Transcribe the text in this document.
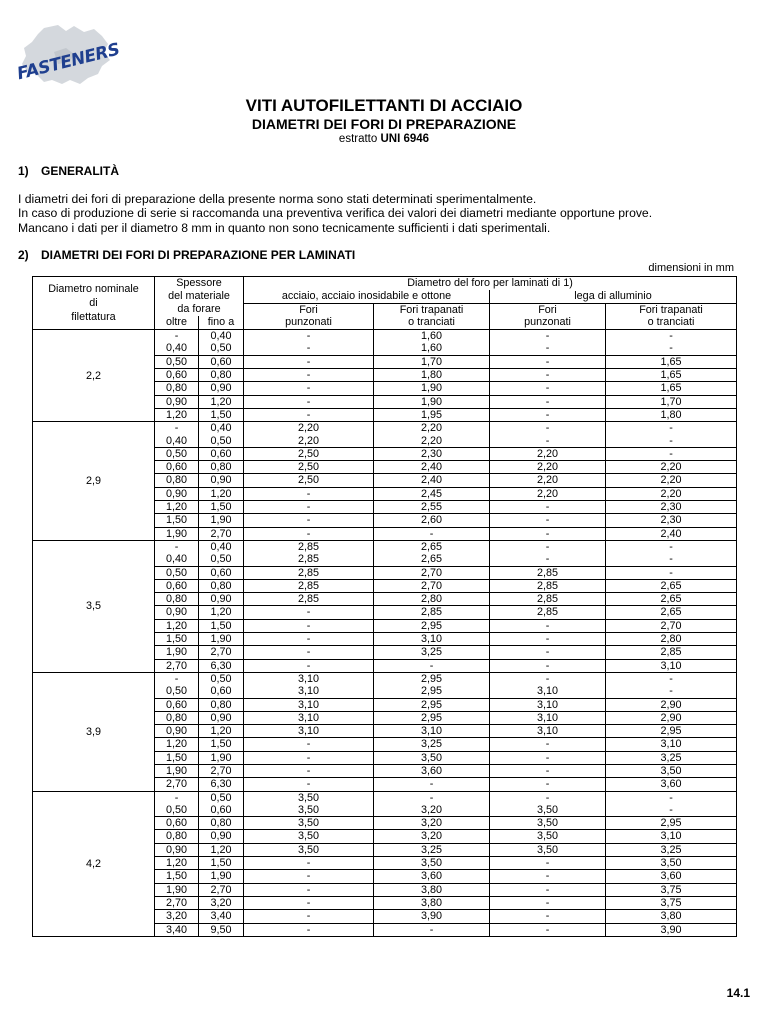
FASTENERS
VITI AUTOFILETTANTI DI ACCIAIO
DIAMETRI DEI FORI DI PREPARAZIONE
estratto UNI 6946
1) GENERALITÀ
I diametri dei fori di preparazione della presente norma sono stati determinati sperimentalmente.
In caso di produzione di serie si raccomanda una preventiva verifica dei valori dei diametri mediante opportune prove.
Mancano i dati per il diametro 8 mm in quanto non sono tecnicamente sufficienti i dati sperimentali.
2) DIAMETRI DEI FORI DI PREPARAZIONE PER LAMINATI
dimensioni in mm
Diametro nominale
di
filettatura	Spessore		Diametro del foro per laminati di 1)			
	del materiale		acciaio, acciaio inosidabile e ottone		lega di alluminio	
	da forare		Fori	Fori trapanati	Fori	Fori trapanati
	oltre	fino a	punzonati	o tranciati	punzonati	o tranciati
2,2	-	0,40	-	1,60	-	-
	0,40	0,50	-	1,60	-	-
	0,50	0,60	-	1,70	-	1,65
	0,60	0,80	-	1,80	-	1,65
	0,80	0,90	-	1,90	-	1,65
	0,90	1,20	-	1,90	-	1,70
	1,20	1,50	-	1,95	-	1,80
2,9	-	0,40	2,20	2,20	-	-
	0,40	0,50	2,20	2,20	-	-
	0,50	0,60	2,50	2,30	2,20	-
	0,60	0,80	2,50	2,40	2,20	2,20
	0,80	0,90	2,50	2,40	2,20	2,20
	0,90	1,20	-	2,45	2,20	2,20
	1,20	1,50	-	2,55	-	2,30
	1,50	1,90	-	2,60	-	2,30
	1,90	2,70	-	-	-	2,40
3,5	-	0,40	2,85	2,65	-	-
	0,40	0,50	2,85	2,65	-	-
	0,50	0,60	2,85	2,70	2,85	-
	0,60	0,80	2,85	2,70	2,85	2,65
	0,80	0,90	2,85	2,80	2,85	2,65
	0,90	1,20	-	2,85	2,85	2,65
	1,20	1,50	-	2,95	-	2,70
	1,50	1,90	-	3,10	-	2,80
	1,90	2,70	-	3,25	-	2,85
	2,70	6,30	-	-	-	3,10
3,9	-	0,50	3,10	2,95	-	-
	0,50	0,60	3,10	2,95	3,10	-
	0,60	0,80	3,10	2,95	3,10	2,90
	0,80	0,90	3,10	2,95	3,10	2,90
	0,90	1,20	3,10	3,10	3,10	2,95
	1,20	1,50	-	3,25	-	3,10
	1,50	1,90	-	3,50	-	3,25
	1,90	2,70	-	3,60	-	3,50
	2,70	6,30	-	-	-	3,60
4,2	-	0,50	3,50	-	-	-
	0,50	0,60	3,50	3,20	3,50	-
	0,60	0,80	3,50	3,20	3,50	2,95
	0,80	0,90	3,50	3,20	3,50	3,10
	0,90	1,20	3,50	3,25	3,50	3,25
	1,20	1,50	-	3,50	-	3,50
	1,50	1,90	-	3,60	-	3,60
	1,90	2,70	-	3,80	-	3,75
	2,70	3,20	-	3,80	-	3,75
	3,20	3,40	-	3,90	-	3,80
	3,40	9,50	-	-	-	3,90
14.1
